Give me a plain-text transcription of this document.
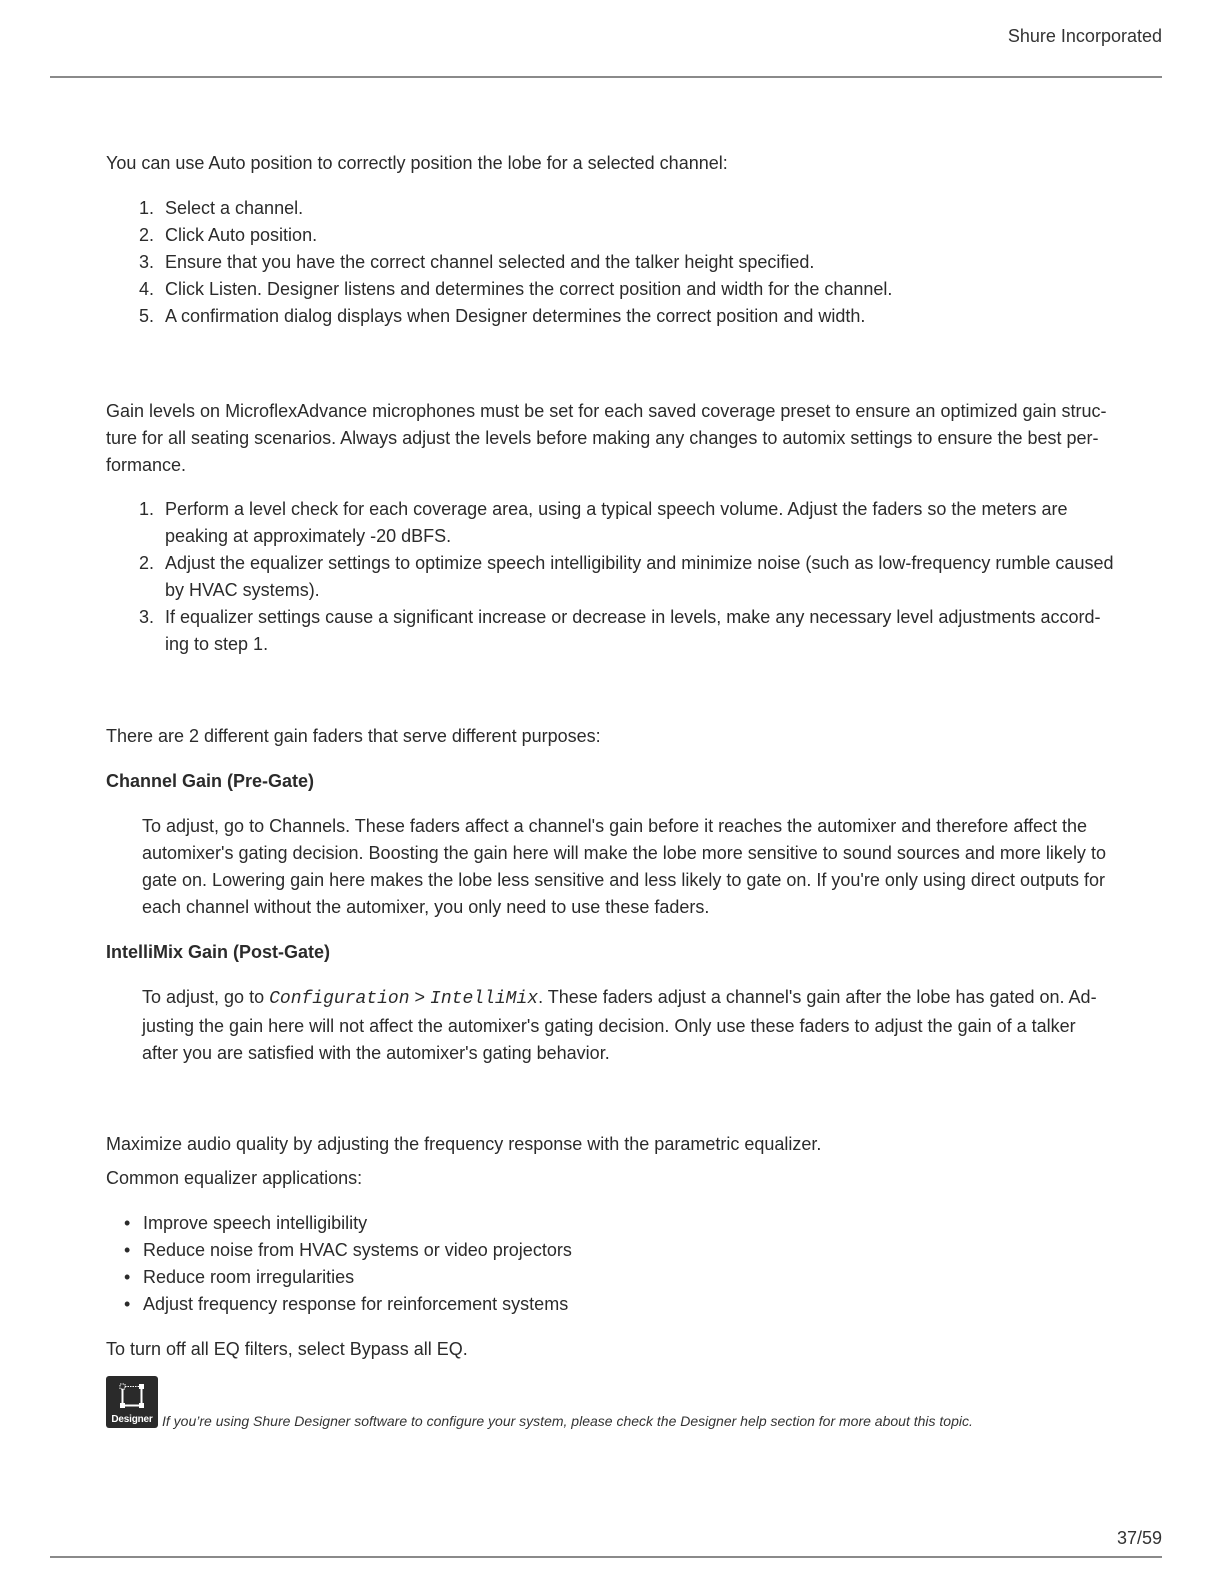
Shure Incorporated

You can use Auto position to correctly position the lobe for a selected channel:

1. Select a channel.
2. Click Auto position.
3. Ensure that you have the correct channel selected and the talker height specified.
4. Click Listen. Designer listens and determines the correct position and width for the channel.
5. A confirmation dialog displays when Designer determines the correct position and width.

Gain levels on MicroflexAdvance microphones must be set for each saved coverage preset to ensure an optimized gain struc-ture for all seating scenarios. Always adjust the levels before making any changes to automix settings to ensure the best per-formance.

1. Perform a level check for each coverage area, using a typical speech volume. Adjust the faders so the meters are peaking at approximately -20 dBFS.
2. Adjust the equalizer settings to optimize speech intelligibility and minimize noise (such as low-frequency rumble caused by HVAC systems).
3. If equalizer settings cause a significant increase or decrease in levels, make any necessary level adjustments accord-ing to step 1.

There are 2 different gain faders that serve different purposes:

Channel Gain (Pre-Gate)

To adjust, go to Channels. These faders affect a channel's gain before it reaches the automixer and therefore affect the automixer's gating decision. Boosting the gain here will make the lobe more sensitive to sound sources and more likely to gate on. Lowering gain here makes the lobe less sensitive and less likely to gate on. If you're only using direct outputs for each channel without the automixer, you only need to use these faders.

IntelliMix Gain (Post-Gate)

To adjust, go to Configuration > IntelliMix. These faders adjust a channel's gain after the lobe has gated on. Ad-justing the gain here will not affect the automixer's gating decision. Only use these faders to adjust the gain of a talker after you are satisfied with the automixer's gating behavior.

Maximize audio quality by adjusting the frequency response with the parametric equalizer.

Common equalizer applications:

• Improve speech intelligibility
• Reduce noise from HVAC systems or video projectors
• Reduce room irregularities
• Adjust frequency response for reinforcement systems

To turn off all EQ filters, select Bypass all EQ.

Designer If you’re using Shure Designer software to configure your system, please check the Designer help section for more about this topic.
37/59
